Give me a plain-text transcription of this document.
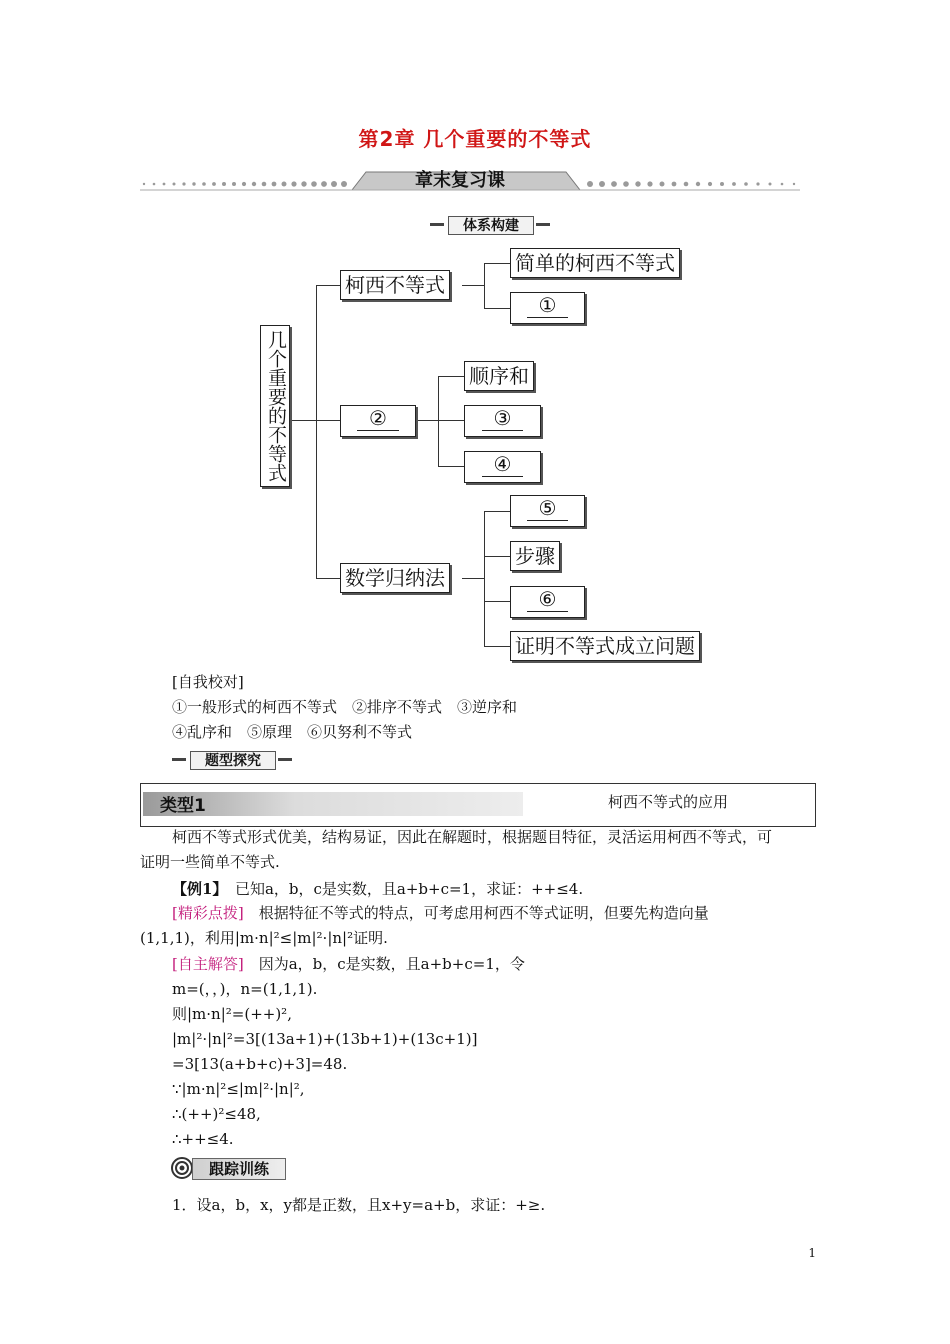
第2章 几个重要的不等式
章末复习课
体系构建
几个重要的不等式
柯西不等式
简单的柯西不等式
①
②
顺序和
③
④
数学归纳法
⑤
步骤
⑥
证明不等式成立问题
[自我校对]
①一般形式的柯西不等式　②排序不等式　③逆序和
④乱序和　⑤原理　⑥贝努利不等式
题型探究
类型1	柯西不等式的应用
柯西不等式形式优美，结构易证，因此在解题时，根据题目特征，灵活运用柯西不等式，可
证明一些简单不等式.
【例1】　已知a，b，c是实数，且a+b+c=1，求证：++≤4.
[精彩点拨]　根据特征不等式的特点，可考虑用柯西不等式证明，但要先构造向量
(1,1,1)，利用|m·n|²≤|m|²·|n|²证明.
[自主解答]　因为a，b，c是实数，且a+b+c=1，令
m=(，，)，n=(1,1,1).
则|m·n|²=(++)²,
|m|²·|n|²=3[(13a+1)+(13b+1)+(13c+1)]
=3[13(a+b+c)+3]=48.
∵|m·n|²≤|m|²·|n|²,
∴(++)²≤48,
∴++≤4.
跟踪训练
1．设a，b，x，y都是正数，且x+y=a+b，求证：+≥.
1
